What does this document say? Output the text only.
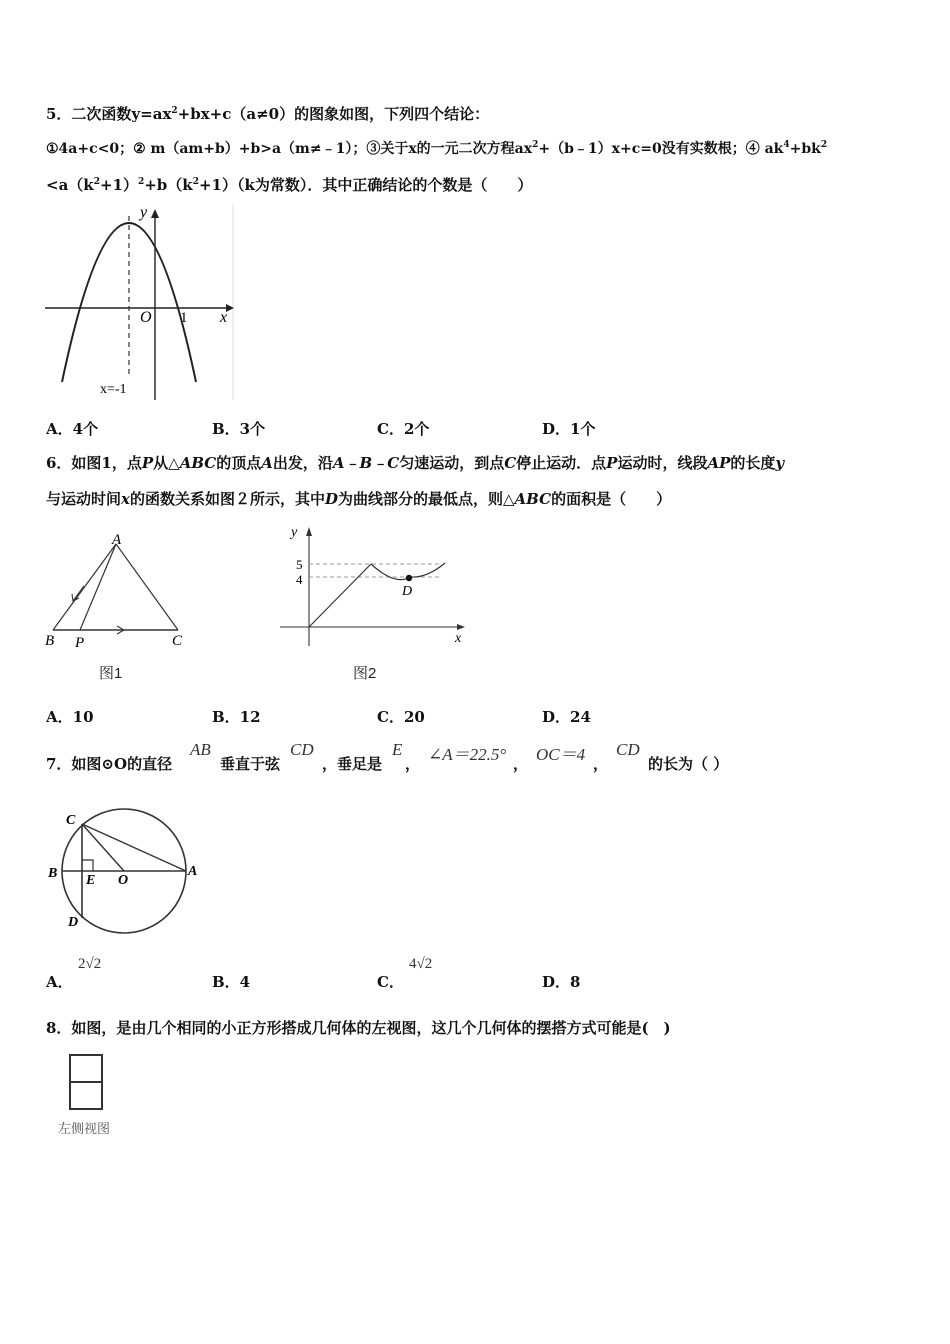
5．二次函数$y=ax^2+bx+c(a\ne 0)$的图象如图，下列四个结论：
①4a+c<0；② m（am+b）+b>a（m≠﹣1）；③关于x的一元二次方程$ax^2+(b﹣1)x+c=0$没有实数根；④ $ak^4+bk^2$
$<a(k^2+1)^2+b(k^2+1)(k$为常数）．其中正确结论的个数是（　　）
y
x
O 1
x=-1
A．4个	B．3个	C．2个	D．1个
6．如图1，点P从△ABC的顶点A出发，沿A﹣B﹣C匀速运动，到点C停止运动．点P运动时，线段AP的长度y
与运动时间x的函数关系如图２所示，其中D为曲线部分的最低点，则△ABC的面积是（　　）
A
B P	C
图1
y
x
5
4
D
图2
A．10	B．12	C．20	D．24
7．如图⊙O的直径
AB
垂直于弦
CD
，垂足是
E
， ∠A＝22.5° ， OC＝4 ，
CD
的长为（ ）
C
B E O
A
D
A．
2√2
B．4	C．
4√2
D．8
8．如图，是由几个相同的小正方形搭成几何体的左视图，这几个几何体的摆搭方式可能是(　)
左侧视图
